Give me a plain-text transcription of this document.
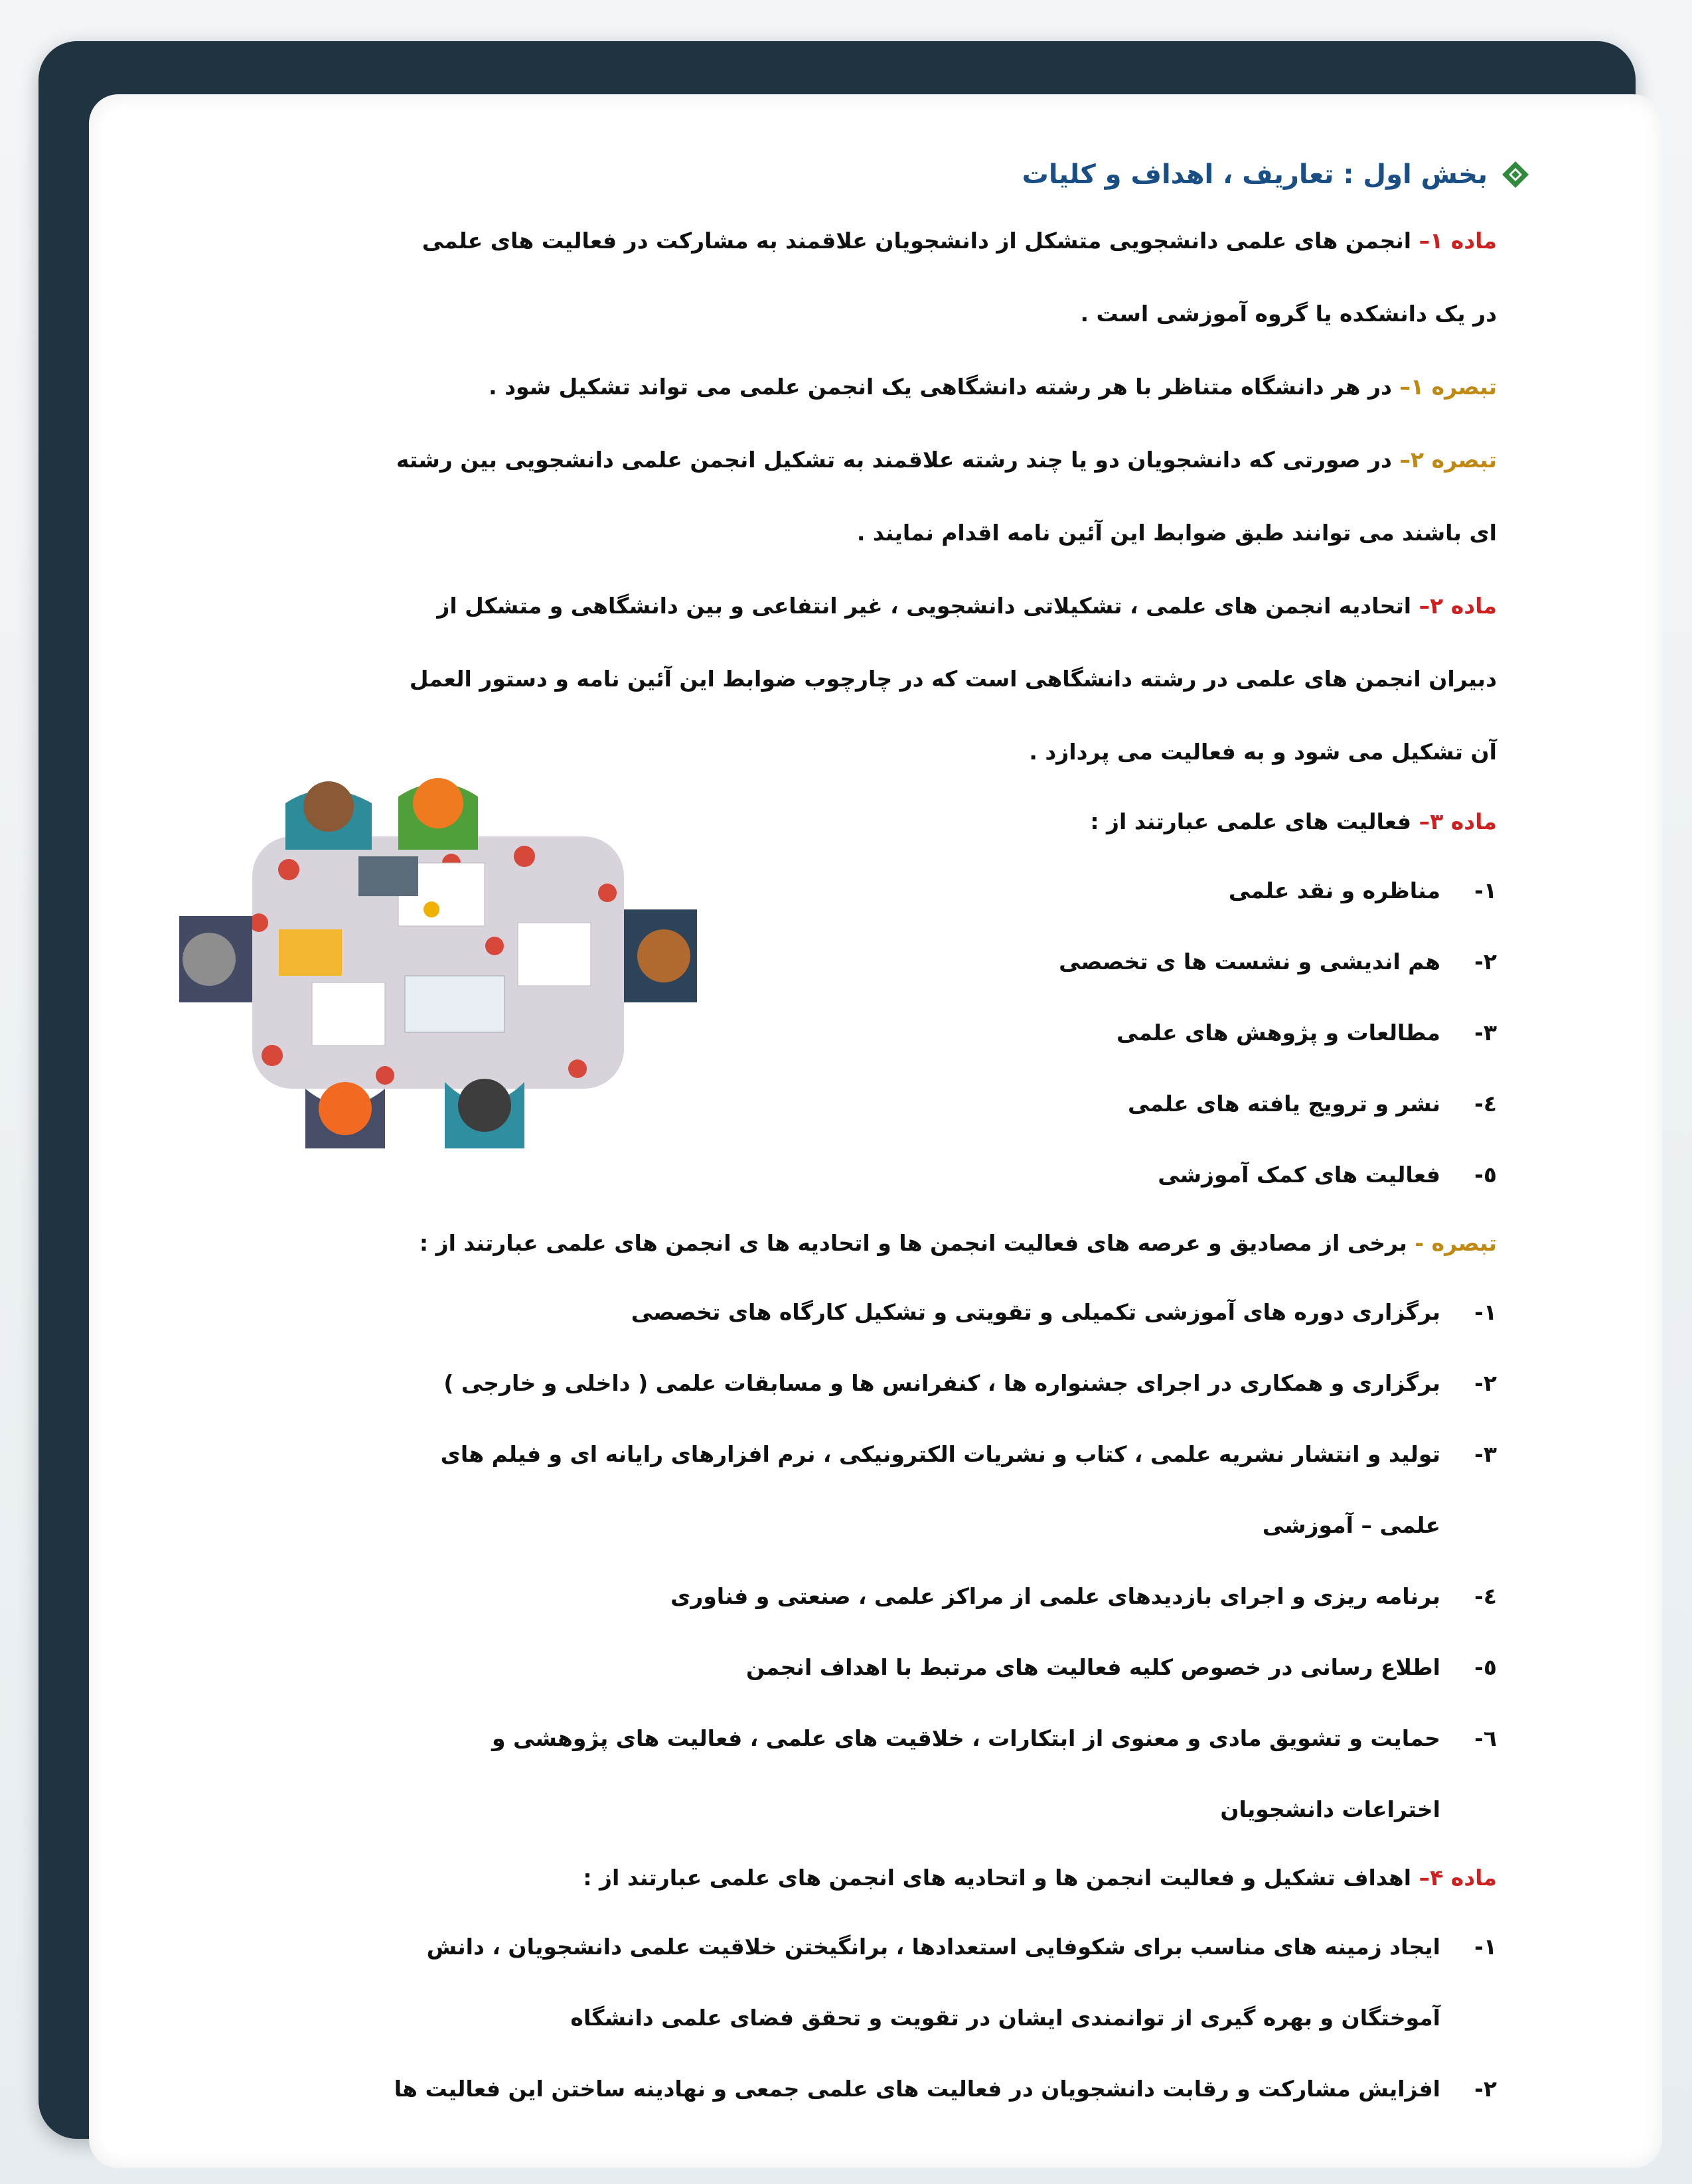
بخش اول : تعاریف ، اهداف و کلیات
ماده ۱– انجمن های علمی دانشجویی متشکل از دانشجویان علاقمند به مشارکت در فعالیت های علمی
در یک دانشکده یا گروه آموزشی است .
تبصره ۱– در هر دانشگاه متناظر با هر رشته دانشگاهی یک انجمن علمی می تواند تشکیل شود .
تبصره ۲– در صورتی که دانشجویان دو یا چند رشته علاقمند به تشکیل انجمن علمی دانشجویی بین رشته
ای باشند می توانند طبق ضوابط این آئین نامه اقدام نمایند .
ماده ۲– اتحادیه انجمن های علمی ، تشکیلاتی دانشجویی ، غیر انتفاعی و بین دانشگاهی و متشکل از
دبیران انجمن های علمی در رشته دانشگاهی است که در چارچوب ضوابط این آئین نامه و دستور العمل
آن تشکیل می شود و به فعالیت می پردازد .
ماده ۳– فعالیت های علمی عبارتند از :
۱-
مناظره و نقد علمی
۲-
هم اندیشی و نشست ها ی تخصصی
۳-
مطالعات و پژوهش های علمی
٤-
نشر و ترویج یافته های علمی
٥-
فعالیت های کمک آموزشی
تبصره - برخی از مصادیق و عرصه های فعالیت انجمن ها و اتحادیه ها ی انجمن های علمی عبارتند از :
۱-
برگزاری دوره های آموزشی تکمیلی و تقویتی و تشکیل کارگاه های تخصصی
۲-
برگزاری و همکاری در اجرای جشنواره ها ، کنفرانس ها و مسابقات علمی ( داخلی و خارجی )
۳-
تولید و انتشار نشریه علمی ، کتاب و نشریات الکترونیکی ، نرم افزارهای رایانه ای و فیلم های
علمی – آموزشی
٤-
برنامه ریزی و اجرای بازدیدهای علمی از مراکز علمی ، صنعتی و فناوری
٥-
اطلاع رسانی در خصوص کلیه فعالیت های مرتبط با اهداف انجمن
٦-
حمایت و تشویق مادی و معنوی از ابتکارات ، خلاقیت های علمی ، فعالیت های پژوهشی و
اختراعات دانشجویان
ماده ۴– اهداف تشکیل و فعالیت انجمن ها و اتحادیه های انجمن های علمی عبارتند از :
۱-
ایجاد زمینه های مناسب برای شکوفایی استعدادها ، برانگیختن خلاقیت علمی دانشجویان ، دانش
آموختگان و بهره گیری از توانمندی ایشان در تقویت و تحقق فضای علمی دانشگاه
۲-
افزایش مشارکت و رقابت دانشجویان در فعالیت های علمی جمعی و نهادینه ساختن این فعالیت ها
